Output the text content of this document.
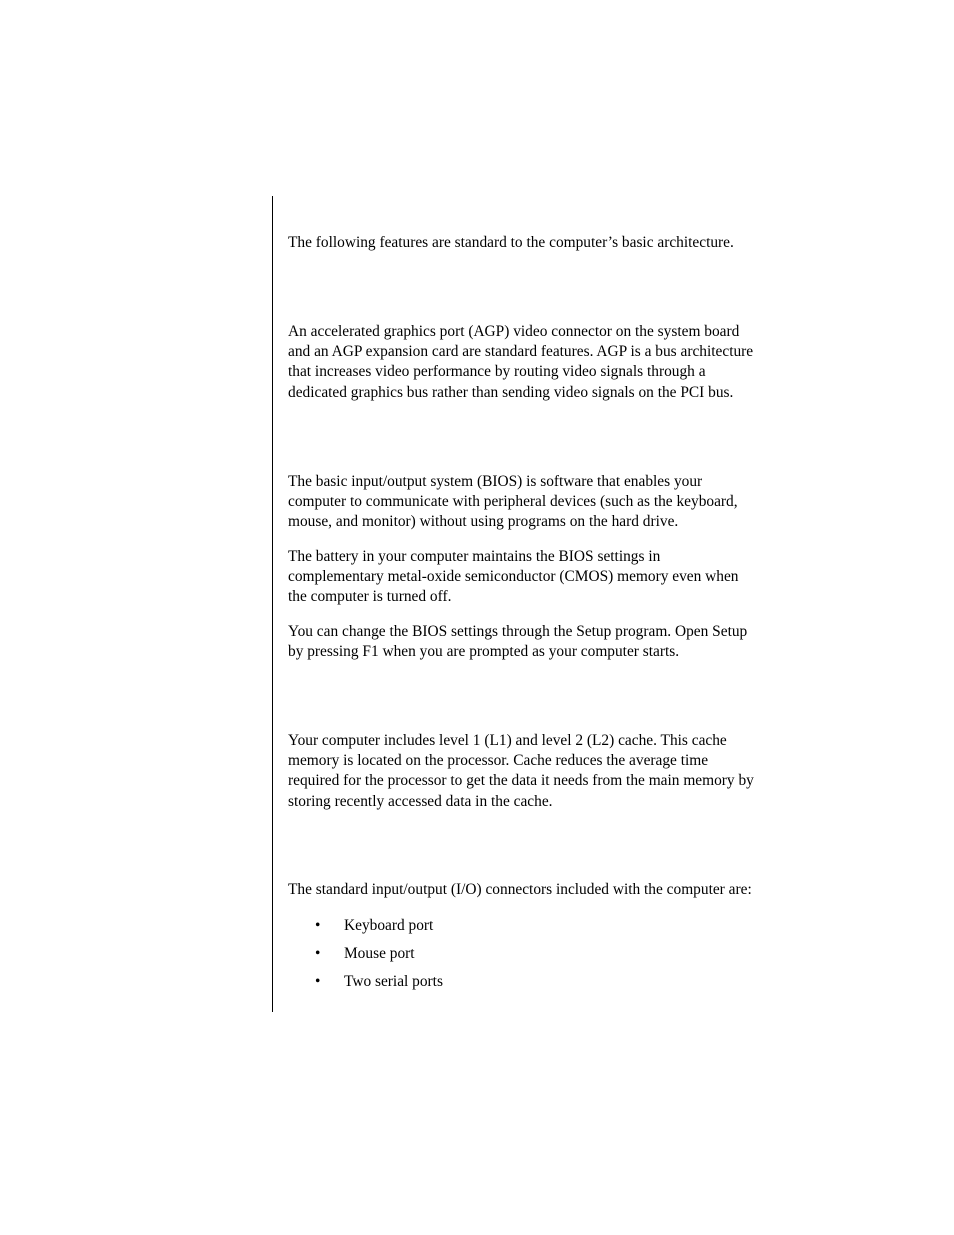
The following features are standard to the computer’s basic architecture.

An accelerated graphics port (AGP) video connector on the system board
and an AGP expansion card are standard features. AGP is a bus architecture
that increases video performance by routing video signals through a
dedicated graphics bus rather than sending video signals on the PCI bus.

The basic input/output system (BIOS) is software that enables your
computer to communicate with peripheral devices (such as the keyboard,
mouse, and monitor) without using programs on the hard drive.

The battery in your computer maintains the BIOS settings in
complementary metal-oxide semiconductor (CMOS) memory even when
the computer is turned off.

You can change the BIOS settings through the Setup program. Open Setup
by pressing F1 when you are prompted as your computer starts.

Your computer includes level 1 (L1) and level 2 (L2) cache. This cache
memory is located on the processor. Cache reduces the average time
required for the processor to get the data it needs from the main memory by
storing recently accessed data in the cache.

The standard input/output (I/O) connectors included with the computer are:

• Keyboard port
• Mouse port
• Two serial ports
